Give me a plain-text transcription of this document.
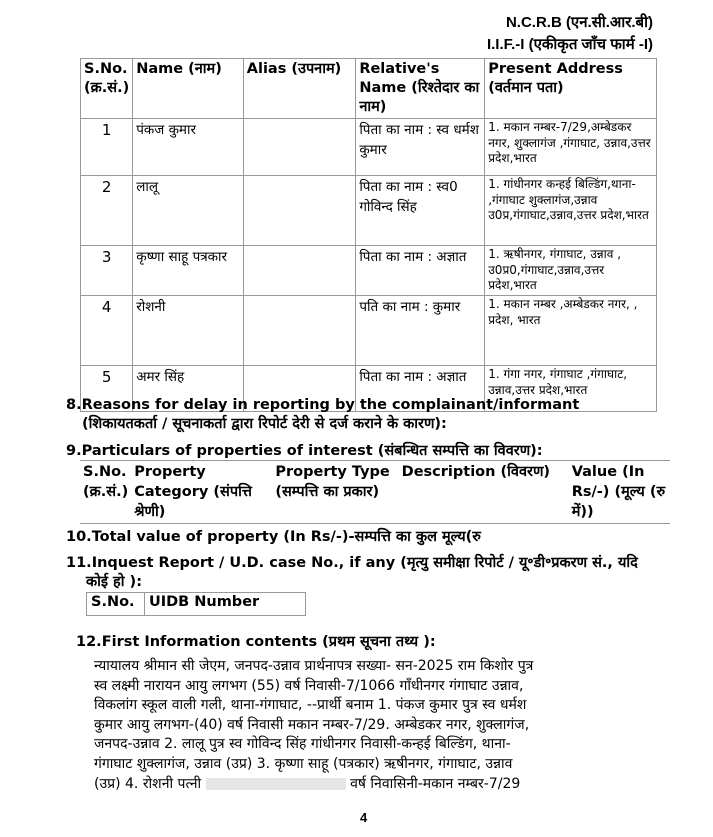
N.C.R.B (एन.सी.आर.बी)
I.I.F.-I (एकीकृत जाँच फार्म -I)
S.No. (क्र.सं.)	Name (नाम)	Alias (उपनाम)	Relative's Name (रिश्तेदार का नाम)	Present Address (वर्तमान पता)
1	पंकज कुमार		पिता का नाम : स्व धर्मश कुमार	1. मकान नम्बर-7/29,अम्बेडकर नगर, शुक्लागंज ,गंगाघाट, उन्नाव,उत्तर प्रदेश,भारत
2	लालू		पिता का नाम : स्व0 गोविन्द सिंह	1. गांधीनगर कन्हई बिल्डिंग,थाना- ,गंगाघाट शुक्लागंज,उन्नाव उ0प्र,गंगाघाट,उन्नाव,उत्तर प्रदेश,भारत
3	कृष्णा साहू पत्रकार		पिता का नाम : अज्ञात	1. ऋषीनगर, गंगाघाट, उन्नाव , उ0प्र0,गंगाघाट,उन्नाव,उत्तर प्रदेश,भारत
4	रोशनी		पति का नाम : कुमार	1. मकान नम्बर ,अम्बेडकर नगर, , प्रदेश, भारत
5	अमर सिंह		पिता का नाम : अज्ञात	1. गंगा नगर, गंगाघाट ,गंगाघाट, उन्नाव,उत्तर प्रदेश,भारत
8.Reasons for delay in reporting by the complainant/informant
(शिकायतकर्ता / सूचनाकर्ता द्वारा रिपोर्ट देरी से दर्ज कराने के कारण):
9.Particulars of properties of interest (संबन्धित सम्पत्ति का विवरण):
S.No. (क्र.सं.)	Property Category (संपत्ति श्रेणी)	Property Type (सम्पत्ति का प्रकार)	Description (विवरण)	Value (In Rs/-) (मूल्य (रु में))
10.Total value of property (In Rs/-)-सम्पत्ति का कुल मूल्य(रु
11.Inquest Report / U.D. case No., if any (मृत्यु समीक्षा रिपोर्ट / यू॰डी॰प्रकरण सं., यदि
कोई हो ):
S.No.	UIDB Number
12.First Information contents (प्रथम सूचना तथ्य ):
न्यायालय श्रीमान सी जेएम, जनपद-उन्नाव प्रार्थनापत्र सख्या- सन-2025 राम किशोर पुत्र
स्व लक्ष्मी नारायन आयु लगभग (55) वर्ष निवासी-7/1066 गाँधीनगर गंगाघाट उन्नाव,
विकलांग स्कूल वाली गली, थाना-गंगाघाट, --प्रार्थी बनाम 1. पंकज कुमार पुत्र स्व धर्मश
कुमार आयु लगभग-(40) वर्ष निवासी मकान नम्बर-7/29. अम्बेडकर नगर, शुक्लागंज,
जनपद-उन्नाव 2. लालू पुत्र स्व गोविन्द सिंह गांधीनगर निवासी-कन्हई बिल्डिंग, थाना-
गंगाघाट शुक्लागंज, उन्नाव (उप्र) 3. कृष्णा साहू (पत्रकार) ऋषीनगर, गंगाघाट, उन्नाव
(उप्र) 4. रोशनी पत्नी	वर्ष निवासिनी-मकान नम्बर-7/29
4
